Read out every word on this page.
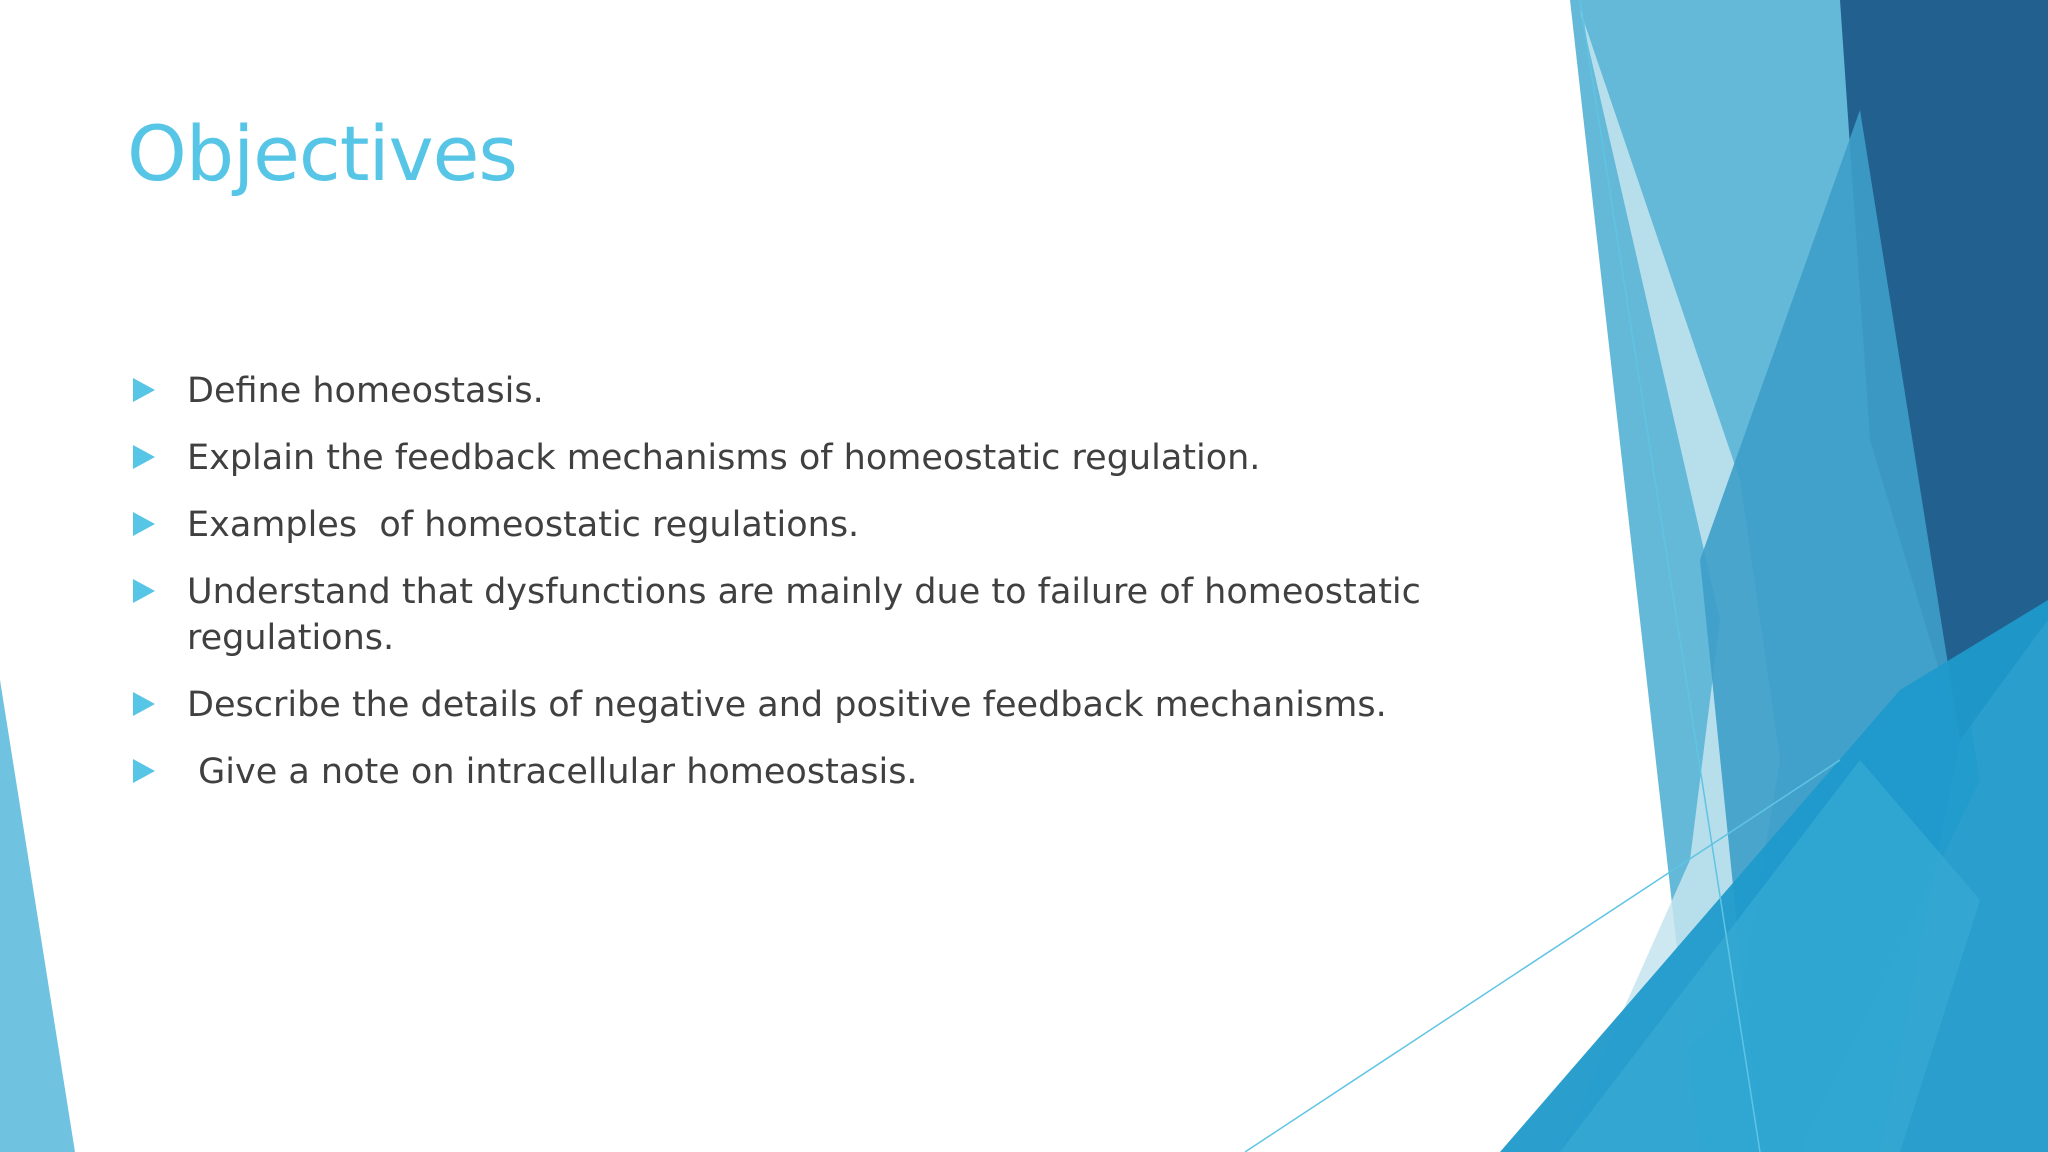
Objectives
Define homeostasis.
Explain the feedback mechanisms of homeostatic regulation.
Examples  of homeostatic regulations.
Understand that dysfunctions are mainly due to failure of homeostatic regulations.
Describe the details of negative and positive feedback mechanisms.
Give a note on intracellular homeostasis.
